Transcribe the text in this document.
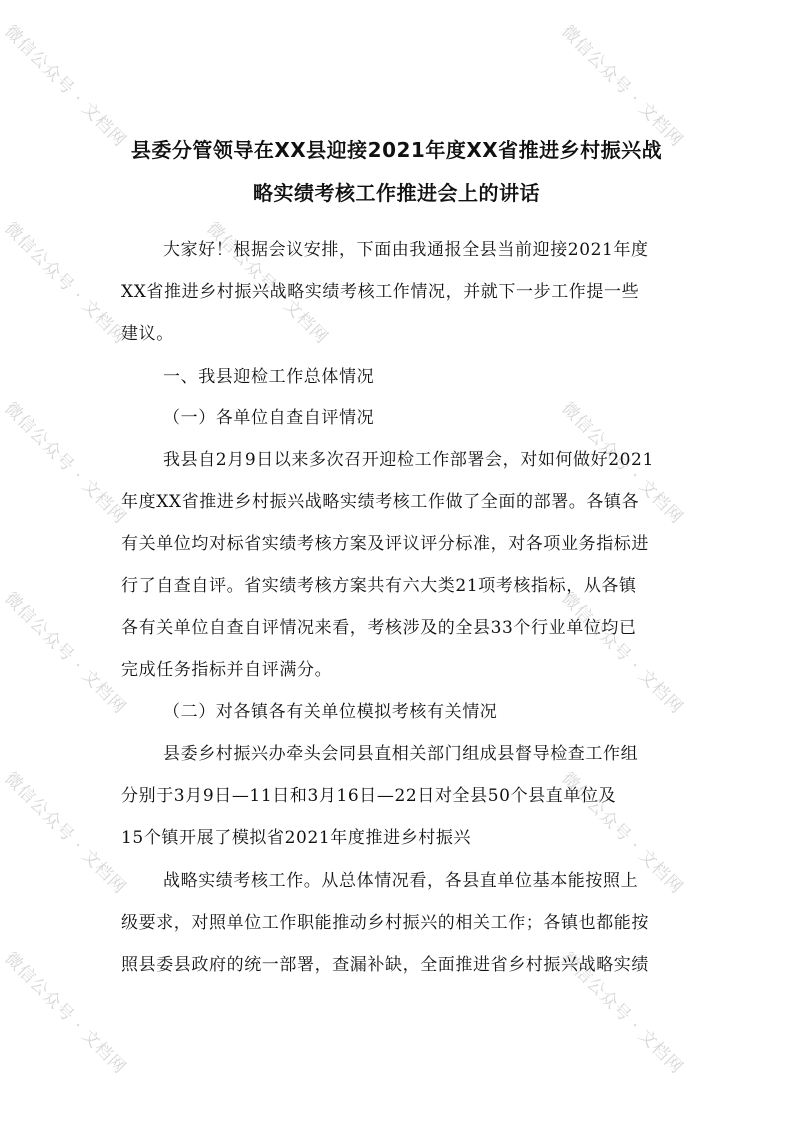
微信公众号 · 文档网	微信公众号 · 文档网
微信公众号 · 文档网
微信公众号 · 文档网
微信公众号 · 文档网
微信公众号 · 文档网
微信公众号 · 文档网
微信公众号 · 文档网
微信公众号 · 文档网
微信公众号 · 文档网
微信公众号 · 文档网
微信公众号 · 文档网
县委分管领导在XX县迎接2021年度XX省推进乡村振兴战
略实绩考核工作推进会上的讲话
大家好！根据会议安排，下面由我通报全县当前迎接2021年度
XX省推进乡村振兴战略实绩考核工作情况，并就下一步工作提一些
建议。
一、我县迎检工作总体情况
（一）各单位自查自评情况
我县自2月9日以来多次召开迎检工作部署会，对如何做好2021
年度XX省推进乡村振兴战略实绩考核工作做了全面的部署。各镇各
有关单位均对标省实绩考核方案及评议评分标准，对各项业务指标进
行了自查自评。省实绩考核方案共有六大类21项考核指标，从各镇
各有关单位自查自评情况来看，考核涉及的全县33个行业单位均已
完成任务指标并自评满分。
（二）对各镇各有关单位模拟考核有关情况
县委乡村振兴办牵头会同县直相关部门组成县督导检查工作组
分别于3月9日—11日和3月16日—22日对全县50个县直单位及
15个镇开展了模拟省2021年度推进乡村振兴
战略实绩考核工作。从总体情况看，各县直单位基本能按照上
级要求，对照单位工作职能推动乡村振兴的相关工作；各镇也都能按
照县委县政府的统一部署，查漏补缺，全面推进省乡村振兴战略实绩
